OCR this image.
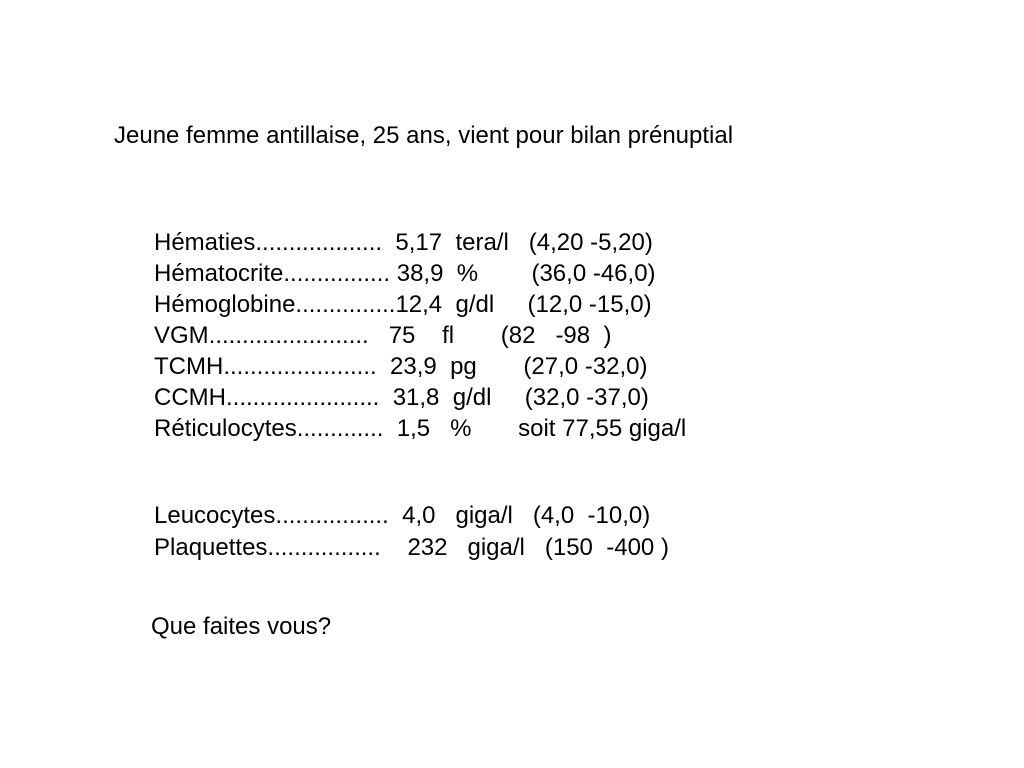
Jeune femme antillaise, 25 ans, vient pour bilan prénuptial
Hématies...................  5,17  tera/l   (4,20 -5,20)
Hématocrite................ 38,9  %        (36,0 -46,0)
Hémoglobine...............12,4  g/dl     (12,0 -15,0)
VGM........................   75    fl       (82   -98  )
TCMH.......................  23,9  pg       (27,0 -32,0)
CCMH.......................  31,8  g/dl     (32,0 -37,0)
Réticulocytes.............  1,5   %       soit 77,55 giga/l
Leucocytes.................  4,0   giga/l   (4,0  -10,0)
Plaquettes.................    232   giga/l   (150  -400 )
Que faites vous?
